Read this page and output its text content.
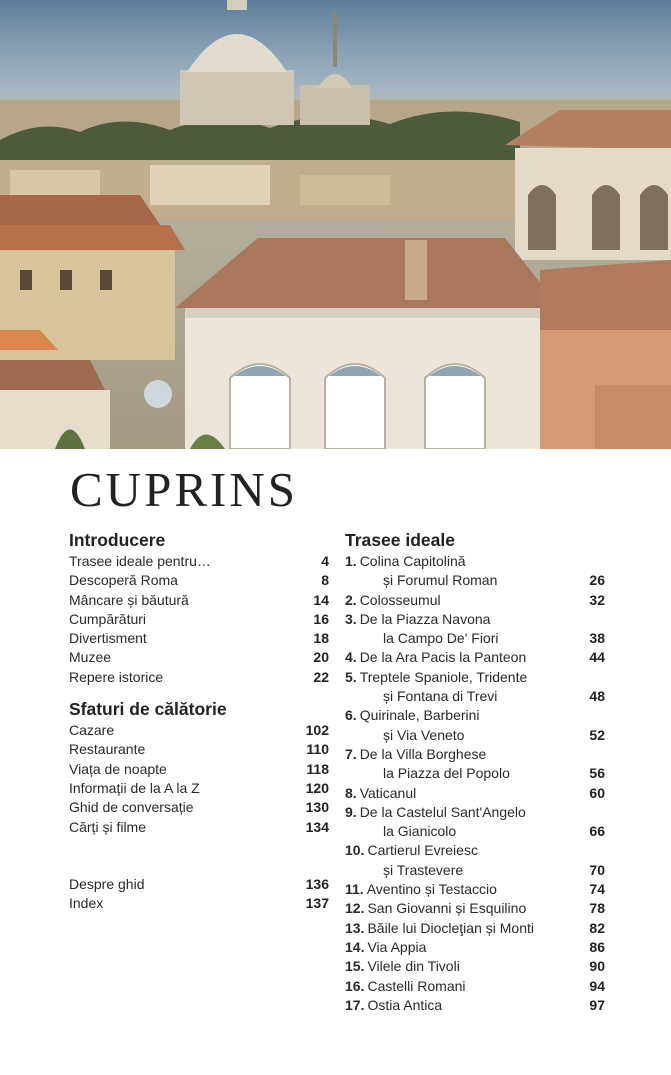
CUPRINS
Introducere
Trasee ideale pentru…	4
Descoperă Roma	8
Mâncare și băutură	14
Cumpărături	16
Divertisment	18
Muzee	20
Repere istorice	22
Sfaturi de călătorie
Cazare	102
Restaurante	110
Viața de noapte	118
Informații de la A la Z	120
Ghid de conversație	130
Cărți și filme	134
Despre ghid	136
Index	137
Trasee ideale
1. Colina Capitolină
și Forumul Roman	26
2. Colosseumul	32
3. De la Piazza Navona
la Campo De' Fiori	38
4. De la Ara Pacis la Panteon	44
5. Treptele Spaniole, Tridente
și Fontana di Trevi	48
6. Quirinale, Barberini
și Via Veneto	52
7. De la Villa Borghese
la Piazza del Popolo	56
8. Vaticanul	60
9. De la Castelul Sant'Angelo
la Gianicolo	66
10. Cartierul Evreiesc
și Trastevere	70
11. Aventino și Testaccio	74
12. San Giovanni și Esquilino	78
13. Băile lui Diocleţian și Monti	82
14. Via Appia	86
15. Vilele din Tivoli	90
16. Castelli Romani	94
17. Ostia Antica	97
